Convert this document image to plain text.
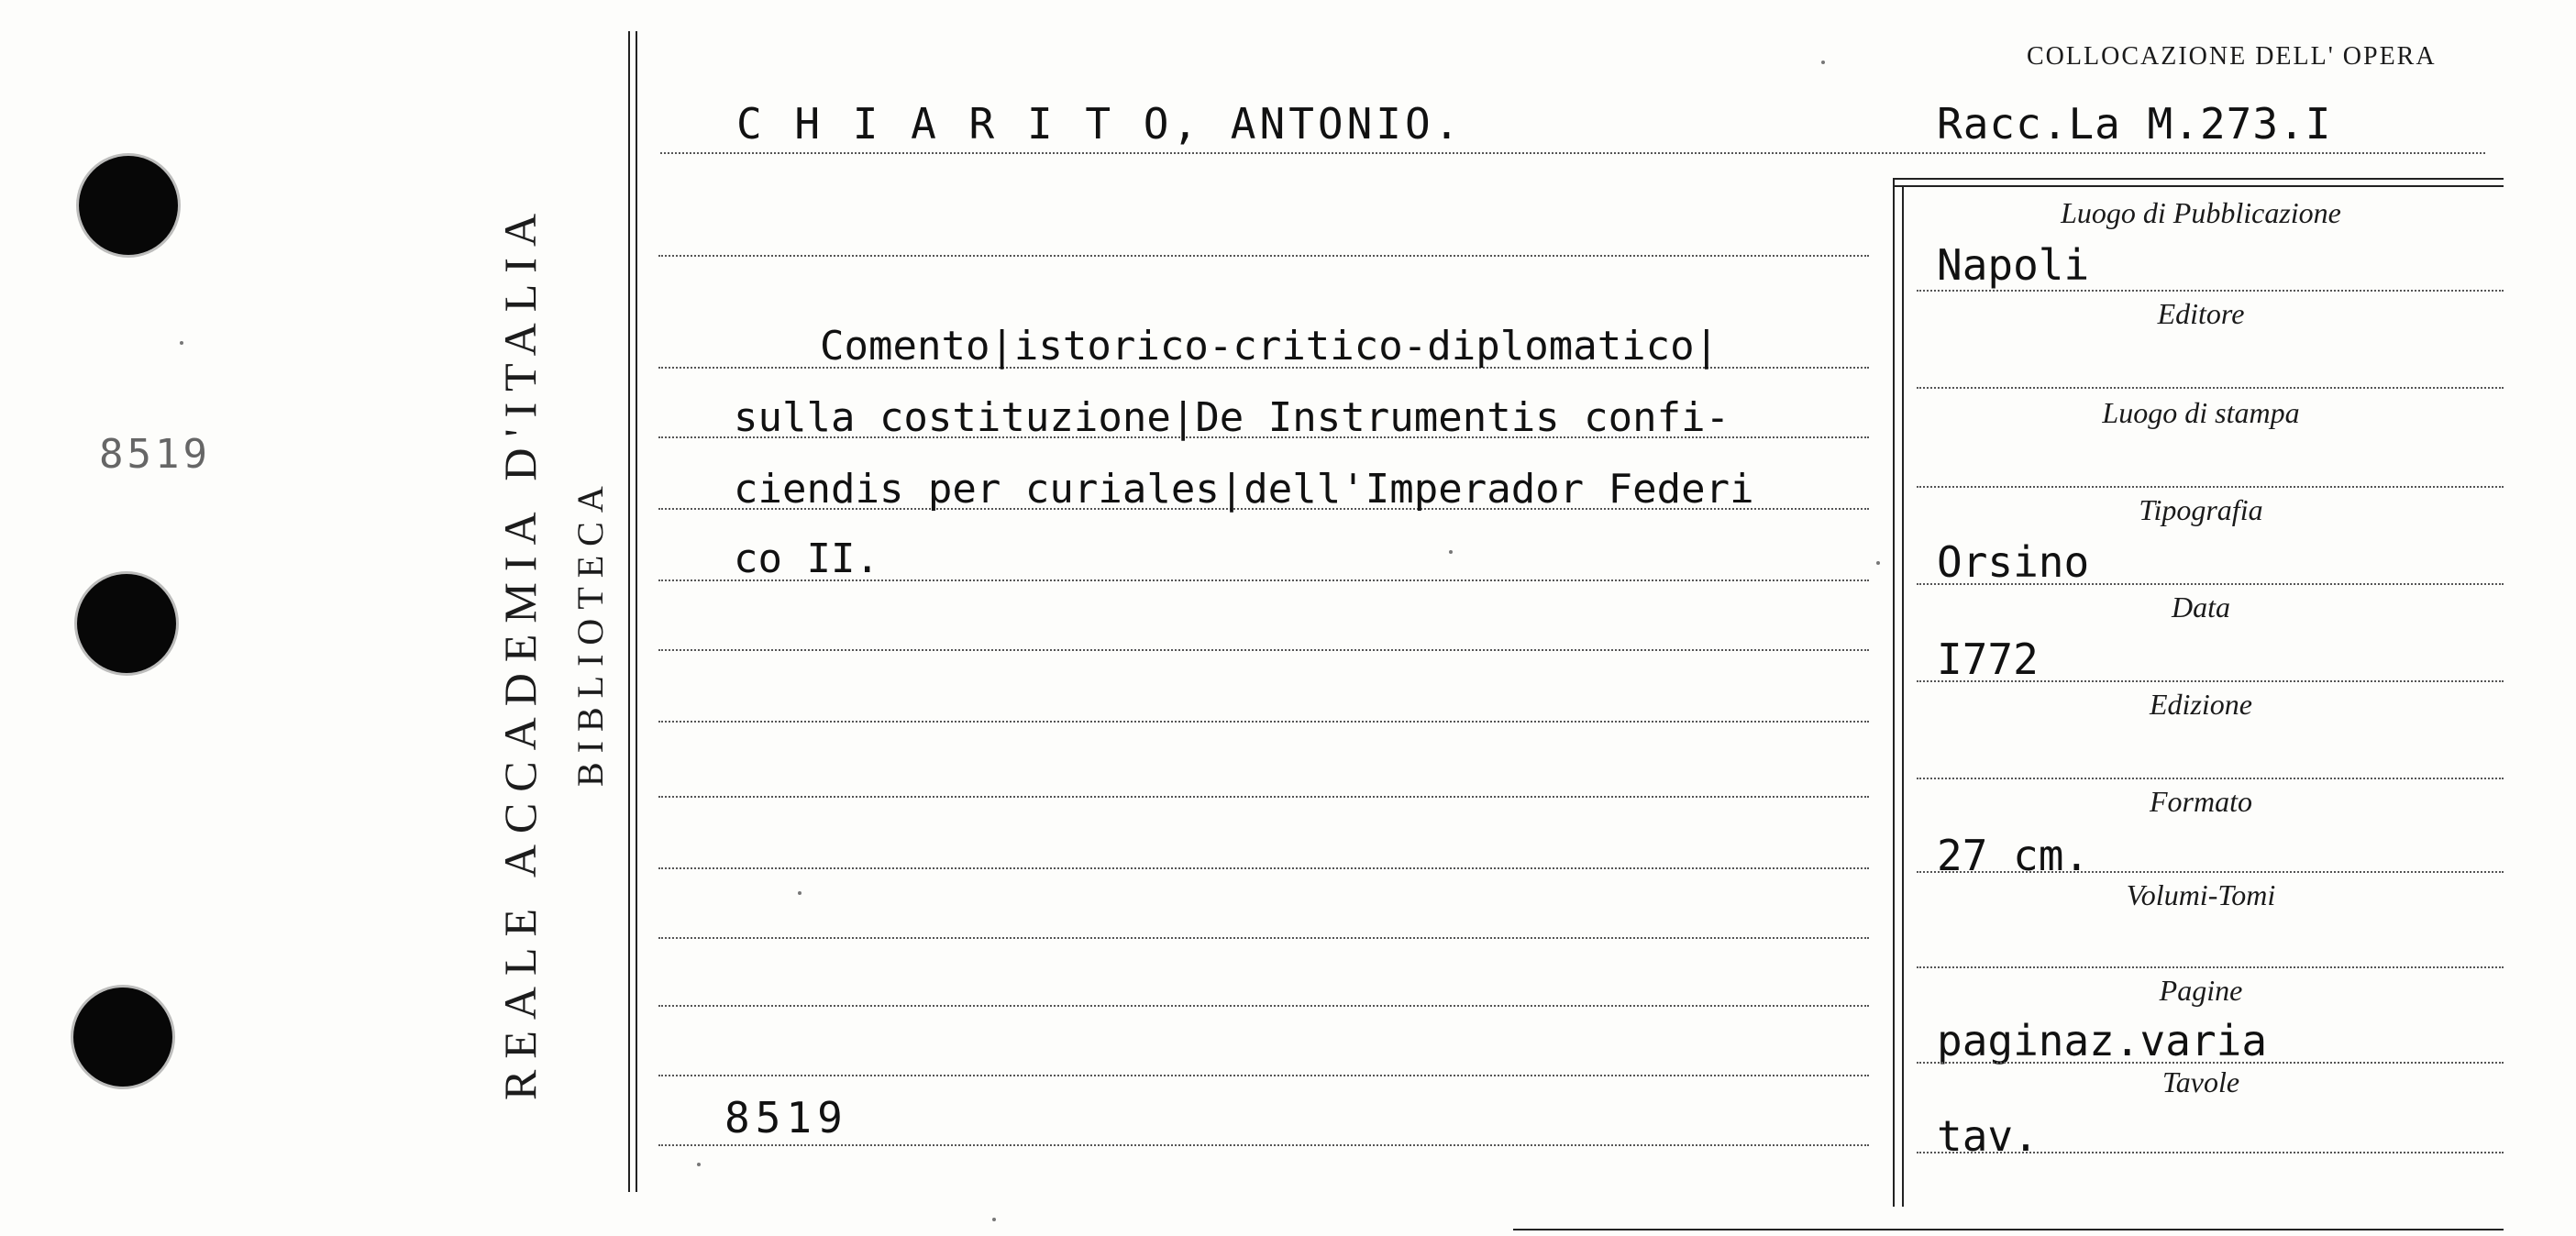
8519	REALE ACCADEMIA D'ITALIA BIBLIOTECA
COLLOCAZIONE DELL' OPERA
C H I A R I T O, ANTONIO.	Racc.La M.273.I
Comento|istorico-critico-diplomatico|
sulla costituzione|De Instrumentis confi-
ciendis per curiales|dell'Imperador Federi
co II.
8519
Luogo di Pubblicazione
Editore
Luogo di stampa
Tipografia
Data
Edizione
Formato
Volumi-Tomi
Pagine
Tavole
Napoli
Orsino
I772
27 cm.
paginaz.varia
tav.
